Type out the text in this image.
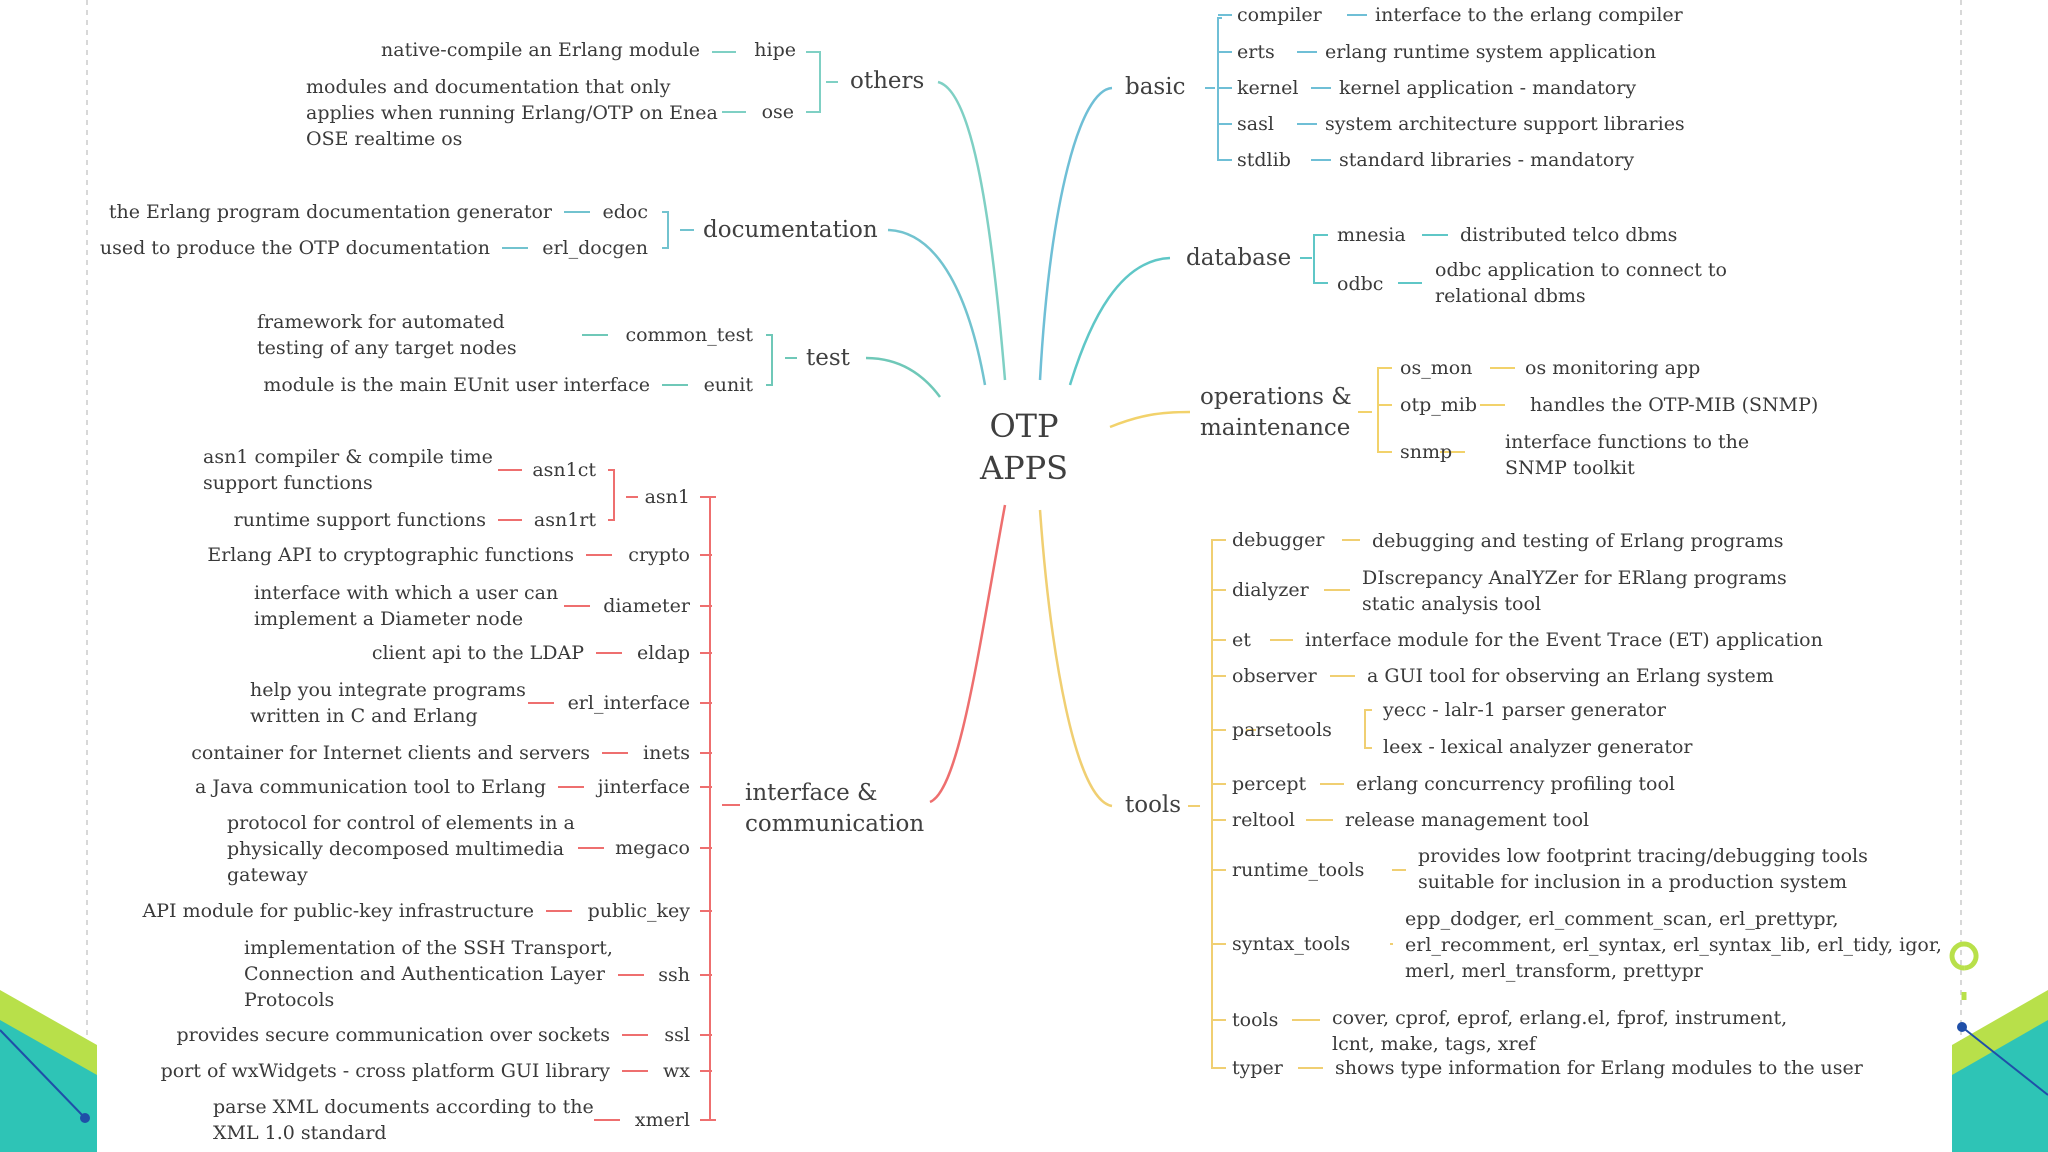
OTP
APPS
basic
compiler	interface to the erlang compiler
erts	erlang runtime system application
kernel kernel application - mandatory
sasl	system architecture support libraries
stdlib	standard libraries - mandatory
database
mnesia	distributed telco dbms
odbc
odbc application to connect to relational dbms
operations & maintenance
os_mon
otp_mib
snmp
os monitoring app
handles the OTP-MIB (SNMP)
interface functions to the SNMP toolkit
tools
debugger	debugging and testing of Erlang programs
dialyzer
DIscrepancy AnalYZer for ERlang programs static analysis tool
et	interface module for the Event Trace (ET) application
observer	a GUI tool for observing an Erlang system
parsetools
yecc - lalr-1 parser generator
leex - lexical analyzer generator
percept	erlang concurrency profiling tool
reltool	release management tool
runtime_tools
provides low footprint tracing/debugging tools suitable for inclusion in a production system
syntax_tools
epp_dodger, erl_comment_scan, erl_prettypr, erl_recomment, erl_syntax, erl_syntax_lib, erl_tidy, igor, merl, merl_transform, prettypr
tools	cover, cprof, eprof, erlang.el, fprof, instrument, lcnt, make, tags, xref
typer	shows type information for Erlang modules to the user
others
hipe
native-compile an Erlang module
ose
modules and documentation that only applies when running Erlang/OTP on Enea OSE realtime os
documentation
edoc
the Erlang program documentation generator
erl_docgen
used to produce the OTP documentation
test
common_test
framework for automated testing of any target nodes
eunit
module is the main EUnit user interface
interface & communication
asn1
asn1ct
asn1 compiler & compile time support functions
asn1rt
runtime support functions
crypto
Erlang API to cryptographic functions
diameter
interface with which a user can implement a Diameter node
eldap
client api to the LDAP
erl_interface
help you integrate programs written in C and Erlang
inets
container for Internet clients and servers
jinterface
a Java communication tool to Erlang
megaco
protocol for control of elements in a physically decomposed multimedia gateway
public_key
API module for public-key infrastructure
ssh
implementation of the SSH Transport, Connection and Authentication Layer Protocols
ssl
provides secure communication over sockets
wx
port of wxWidgets - cross platform GUI library
xmerl
parse XML documents according to the XML 1.0 standard
